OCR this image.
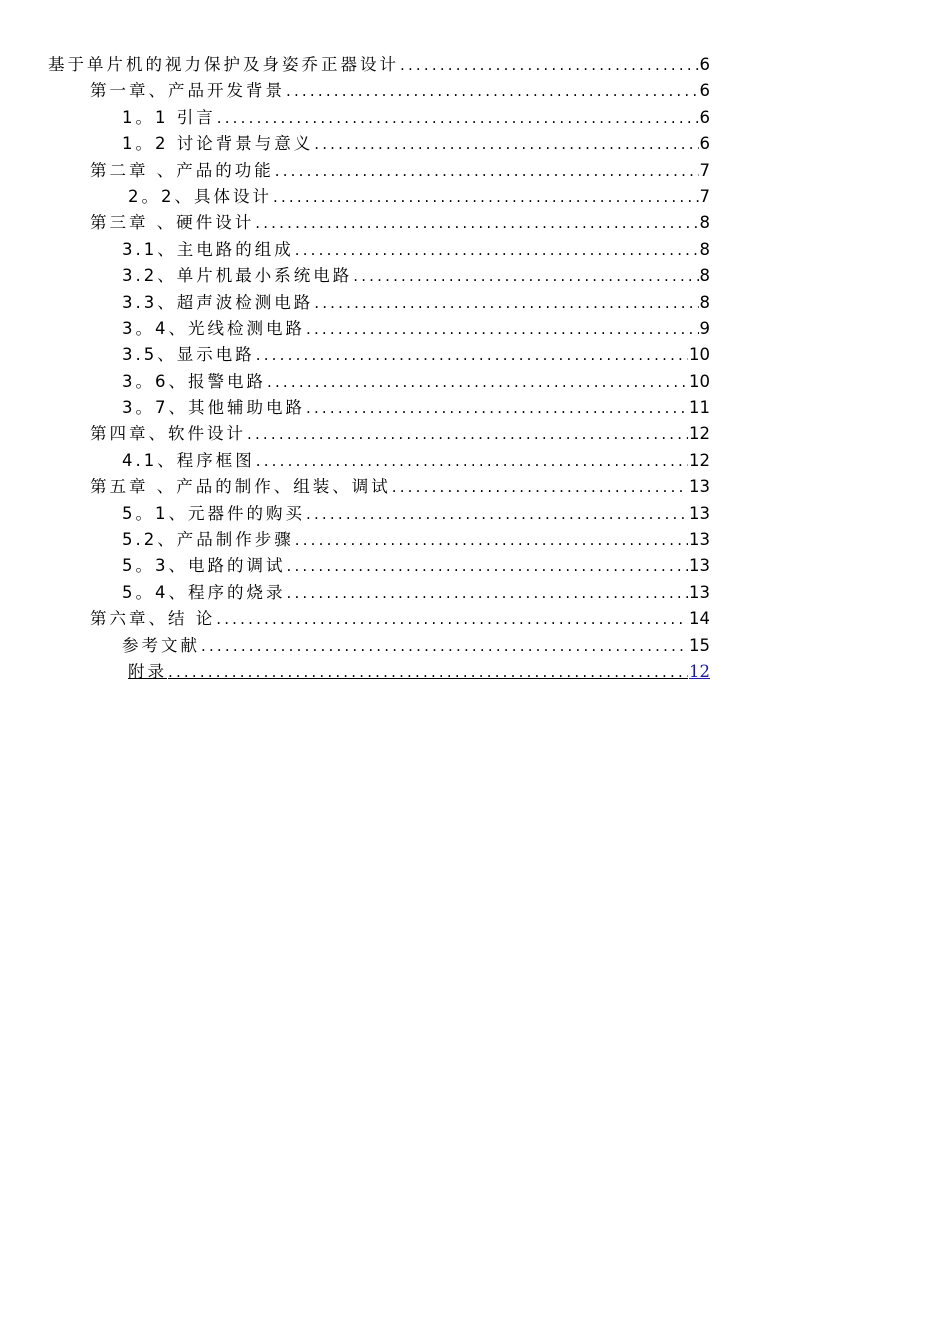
基于单片机的视力保护及身姿乔正器设计 .....	6
第一章、产品开发背景 .....	6
1。1 引言 .....	6
1。2 讨论背景与意义 .....	6
第二章 、产品的功能 .....	7
2。2、具体设计 .....	7
第三章 、硬件设计 .....	8
3.1、主电路的组成 .....	8
3.2、单片机最小系统电路 .....	8
3.3、超声波检测电路 .....	8
3。4、光线检测电路 .....	9
3.5、显示电路 .....	10
3。6、报警电路 .....	10
3。7、其他辅助电路 .....	11
第四章、软件设计 .....	12
4.1、程序框图 .....	12
第五章 、产品的制作、组装、调试 .....	13
5。1、元器件的购买 .....	13
5.2、产品制作步骤 .....	13
5。3、电路的调试 .....	13
5。4、程序的烧录 .....	13
第六章、结 论 .....	14
参考文献 .....	15
附录 .....	12
